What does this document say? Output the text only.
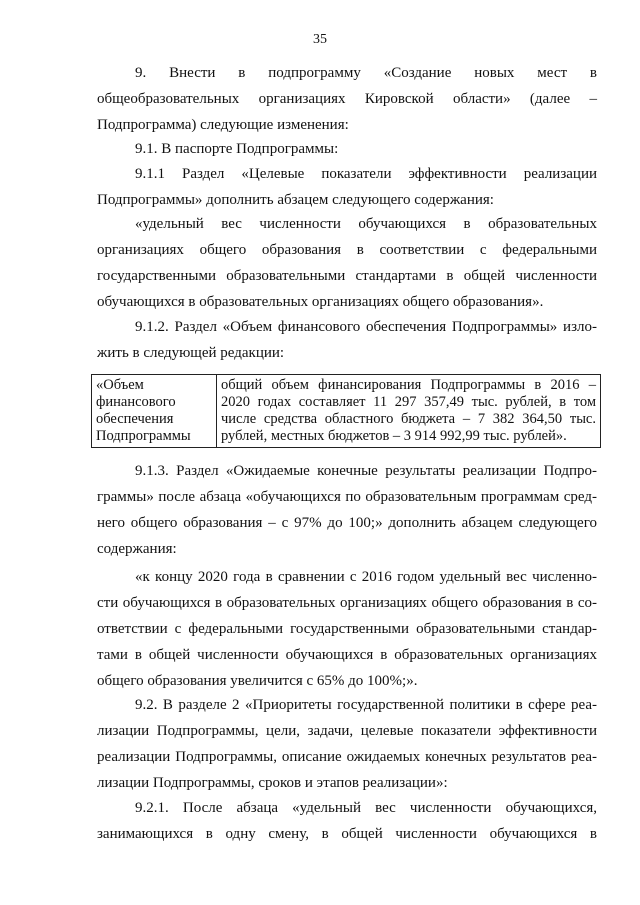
35
9. Внести в подпрограмму «Создание новых мест в
общеобразовательных организациях Кировской области» (далее –
Подпрограмма) следующие изменения:
9.1. В паспорте Подпрограммы:
9.1.1 Раздел «Целевые показатели эффективности реализации
Подпрограммы» дополнить абзацем следующего содержания:
«удельный вес численности обучающихся в образовательных
организациях общего образования в соответствии с федеральными
государственными образовательными стандартами в общей численности
обучающихся в образовательных организациях общего образования».
9.1.2. Раздел «Объем финансового обеспечения Подпрограммы» изло-
жить в следующей редакции:
«Объем
финансового
обеспечения
Подпрограммы

общий объем финансирования Подпрограммы в 2016 –
2020 годах составляет 11 297 357,49 тыс. рублей, в том
числе средства областного бюджета – 7 382 364,50 тыс.
рублей, местных бюджетов – 3 914 992,99 тыс. рублей».
9.1.3. Раздел «Ожидаемые конечные результаты реализации Подпро-
граммы» после абзаца «обучающихся по образовательным программам сред-
него общего образования – с 97% до 100;» дополнить абзацем следующего
содержания:
«к концу 2020 года в сравнении с 2016 годом удельный вес численно-
сти обучающихся в образовательных организациях общего образования в со-
ответствии с федеральными государственными образовательными стандар-
тами в общей численности обучающихся в образовательных организациях
общего образования увеличится с 65% до 100%;».
9.2. В разделе 2 «Приоритеты государственной политики в сфере реа-
лизации Подпрограммы, цели, задачи, целевые показатели эффективности
реализации Подпрограммы, описание ожидаемых конечных результатов реа-
лизации Подпрограммы, сроков и этапов реализации»:
9.2.1. После абзаца «удельный вес численности обучающихся,
занимающихся в одну смену, в общей численности обучающихся в
